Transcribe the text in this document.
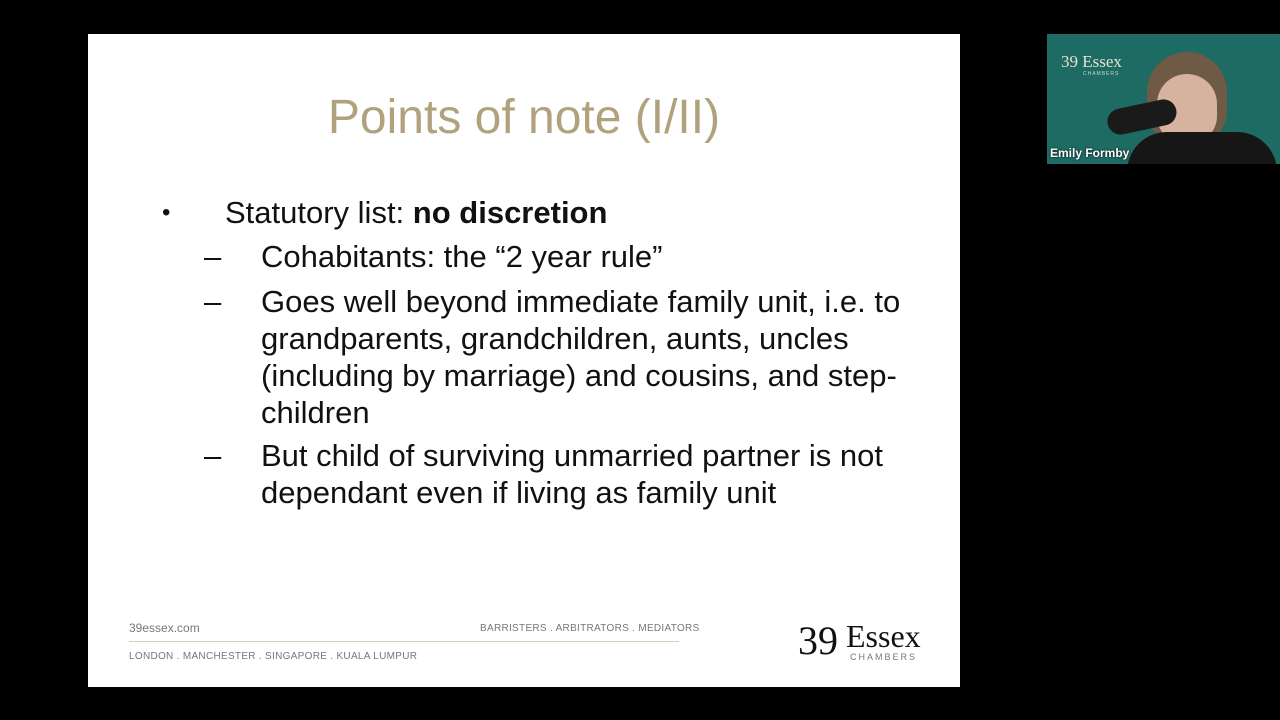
Points of note (I/II)
• Statutory list: no discretion
– Cohabitants: the “2 year rule”
– Goes well beyond immediate family unit, i.e. to grandparents, grandchildren, aunts, uncles (including by marriage) and cousins, and step-children
– But child of surviving unmarried partner is not dependant even if living as family unit
39essex.com	BARRISTERS . ARBITRATORS . MEDIATORS
LONDON . MANCHESTER . SINGAPORE . KUALA LUMPUR	39 Essex
CHAMBERS
39 Essex
CHAMBERS
Emily Formby
